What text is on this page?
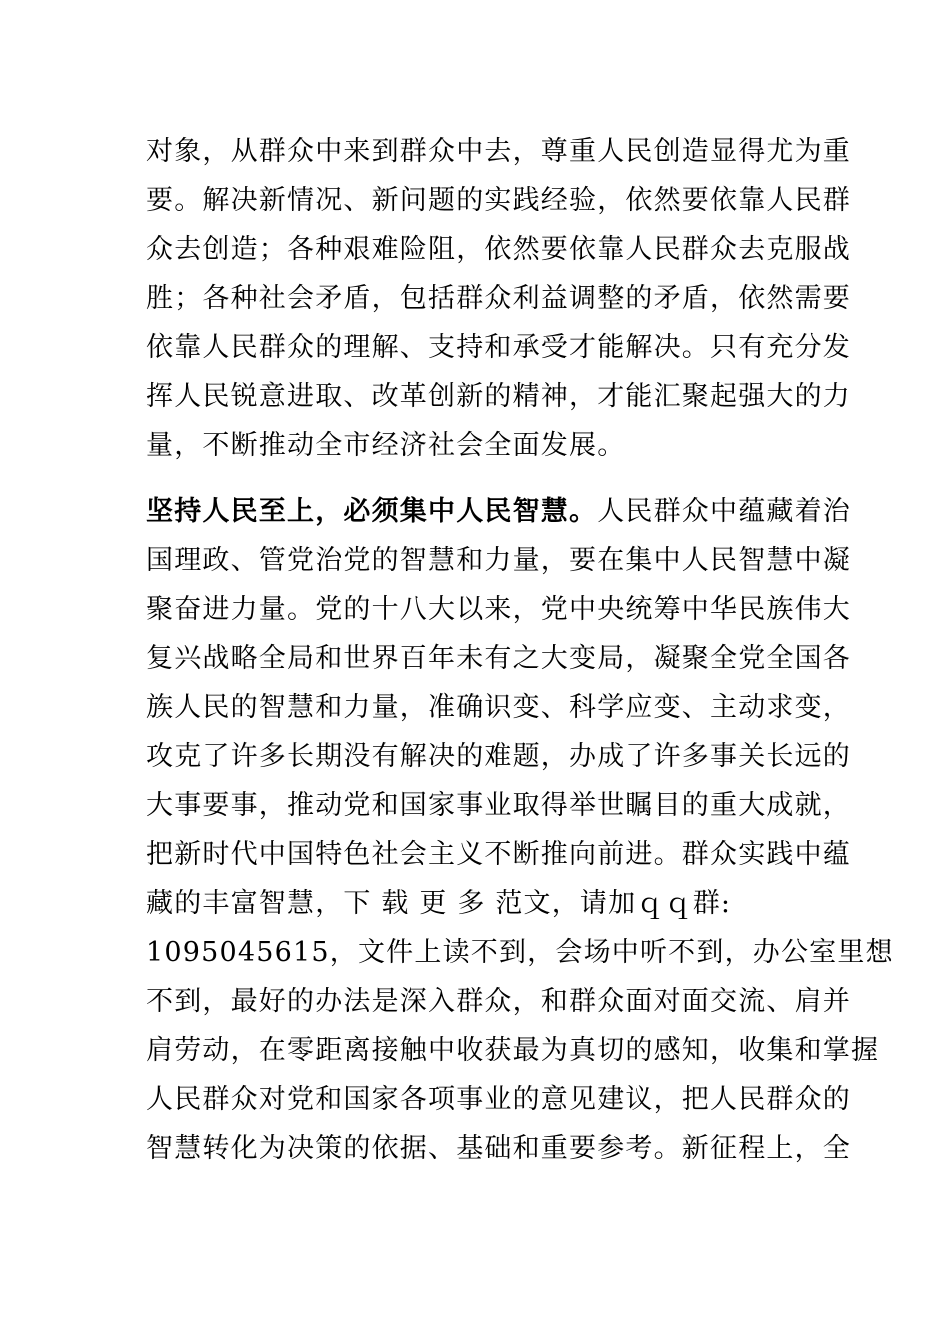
对象，从群众中来到群众中去，尊重人民创造显得尤为重
要。解决新情况、新问题的实践经验，依然要依靠人民群
众去创造；各种艰难险阻，依然要依靠人民群众去克服战
胜；各种社会矛盾，包括群众利益调整的矛盾，依然需要
依靠人民群众的理解、支持和承受才能解决。只有充分发
挥人民锐意进取、改革创新的精神，才能汇聚起强大的力
量，不断推动全市经济社会全面发展。
坚持人民至上，必须集中人民智慧。人民群众中蕴藏着治
国理政、管党治党的智慧和力量，要在集中人民智慧中凝
聚奋进力量。党的十八大以来，党中央统筹中华民族伟大
复兴战略全局和世界百年未有之大变局，凝聚全党全国各
族人民的智慧和力量，准确识变、科学应变、主动求变，
攻克了许多长期没有解决的难题，办成了许多事关长远的
大事要事，推动党和国家事业取得举世瞩目的重大成就，
把新时代中国特色社会主义不断推向前进。群众实践中蕴
藏的丰富智慧，下 载 更 多 范文，请加ｑｑ群:
1095045615，文件上读不到，会场中听不到，办公室里想
不到，最好的办法是深入群众，和群众面对面交流、肩并
肩劳动，在零距离接触中收获最为真切的感知，收集和掌握
人民群众对党和国家各项事业的意见建议，把人民群众的
智慧转化为决策的依据、基础和重要参考。新征程上，全
